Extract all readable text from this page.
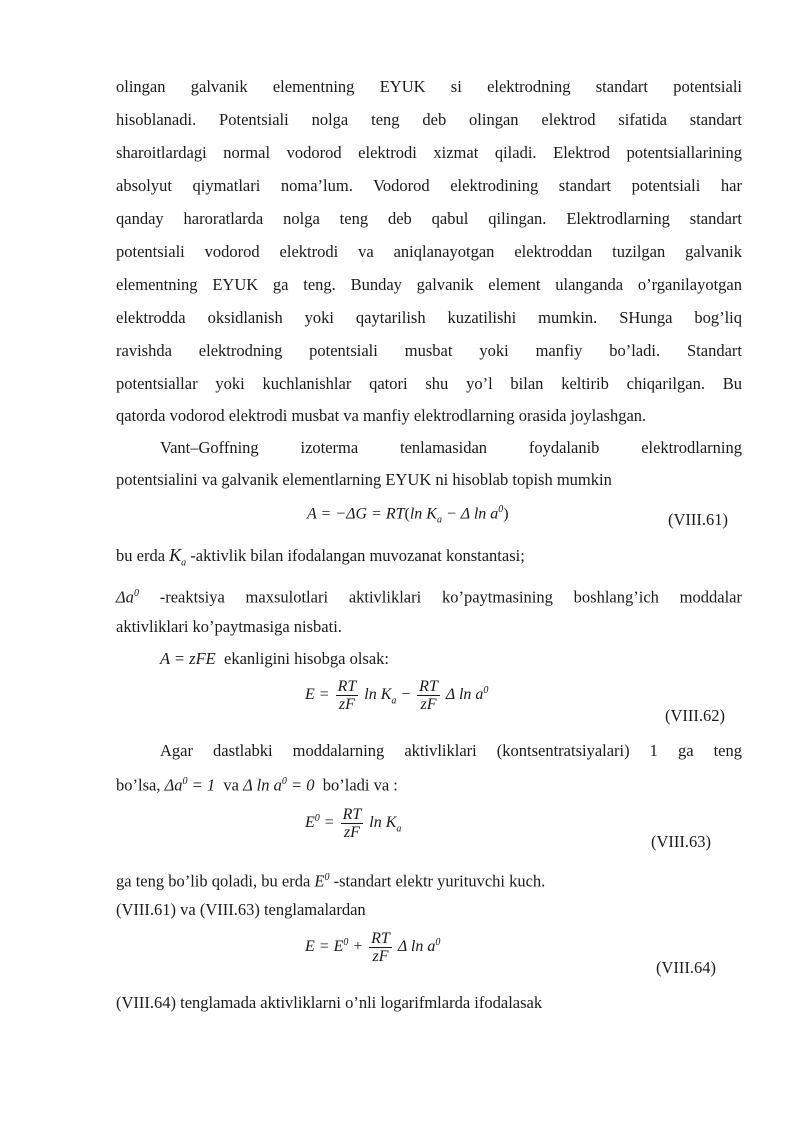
olingan galvanik elementning EYUK si elektrodning standart potentsiali
hisoblanadi. Potentsiali nolga teng deb olingan elektrod sifatida standart
sharoitlardagi normal vodorod elektrodi xizmat qiladi. Elektrod potentsiallarining
absolyut qiymatlari noma’lum. Vodorod elektrodining standart potentsiali har
qanday haroratlarda nolga teng deb qabul qilingan. Elektrodlarning standart
potentsiali vodorod elektrodi va aniqlanayotgan elektroddan tuzilgan galvanik
elementning EYUK ga teng. Bunday galvanik element ulanganda o’rganilayotgan
elektrodda oksidlanish yoki qaytarilish kuzatilishi mumkin. SHunga bog’liq
ravishda elektrodning potentsiali musbat yoki manfiy bo’ladi. Standart
potentsiallar yoki kuchlanishlar qatori shu yo’l bilan keltirib chiqarilgan. Bu
qatorda vodorod elektrodi musbat va manfiy elektrodlarning orasida joylashgan.
Vant–Goffning izoterma tenlamasidan foydalanib elektrodlarning
potentsialini va galvanik elementlarning EYUK ni hisoblab topish mumkin
A = −ΔG = RT(ln $K_a - \Delta$ $\ln a^0$)	(VIII.61)
bu erda $K_a$ -aktivlik bilan ifodalangan muvozanat konstantasi;
$\Delta a^0$ -reaktsiya maxsulotlari aktivliklari ko’paytmasining boshlang’ich moddalar
aktivliklari ko’paytmasiga nisbati.
A = zFE ekanligini hisobga olsak:
$E = \frac{RT}{zF}$ $\ln K_a - \frac{RT}{zF}$ Δ $\ln a^0$
(VIII.62)
Agar dastlabki moddalarning aktivliklari (kontsentratsiyalari) 1 ga teng
bo’lsa, $\Delta a^0 = 1$ va Δ $\ln a^0 = 0$ bo’ladi va :
$E^0 = \frac{RT}{zF}$ $\ln K_a$
(VIII.63)
ga teng bo’lib qoladi, bu erda $E^0$ -standart elektr yurituvchi kuch.
(VIII.61) va (VIII.63) tenglamalardan
$E = E^0 + \frac{RT}{zF}$ Δ $\ln a^0$
(VIII.64)
(VIII.64) tenglamada aktivliklarni o’nli logarifmlarda ifodalasak
